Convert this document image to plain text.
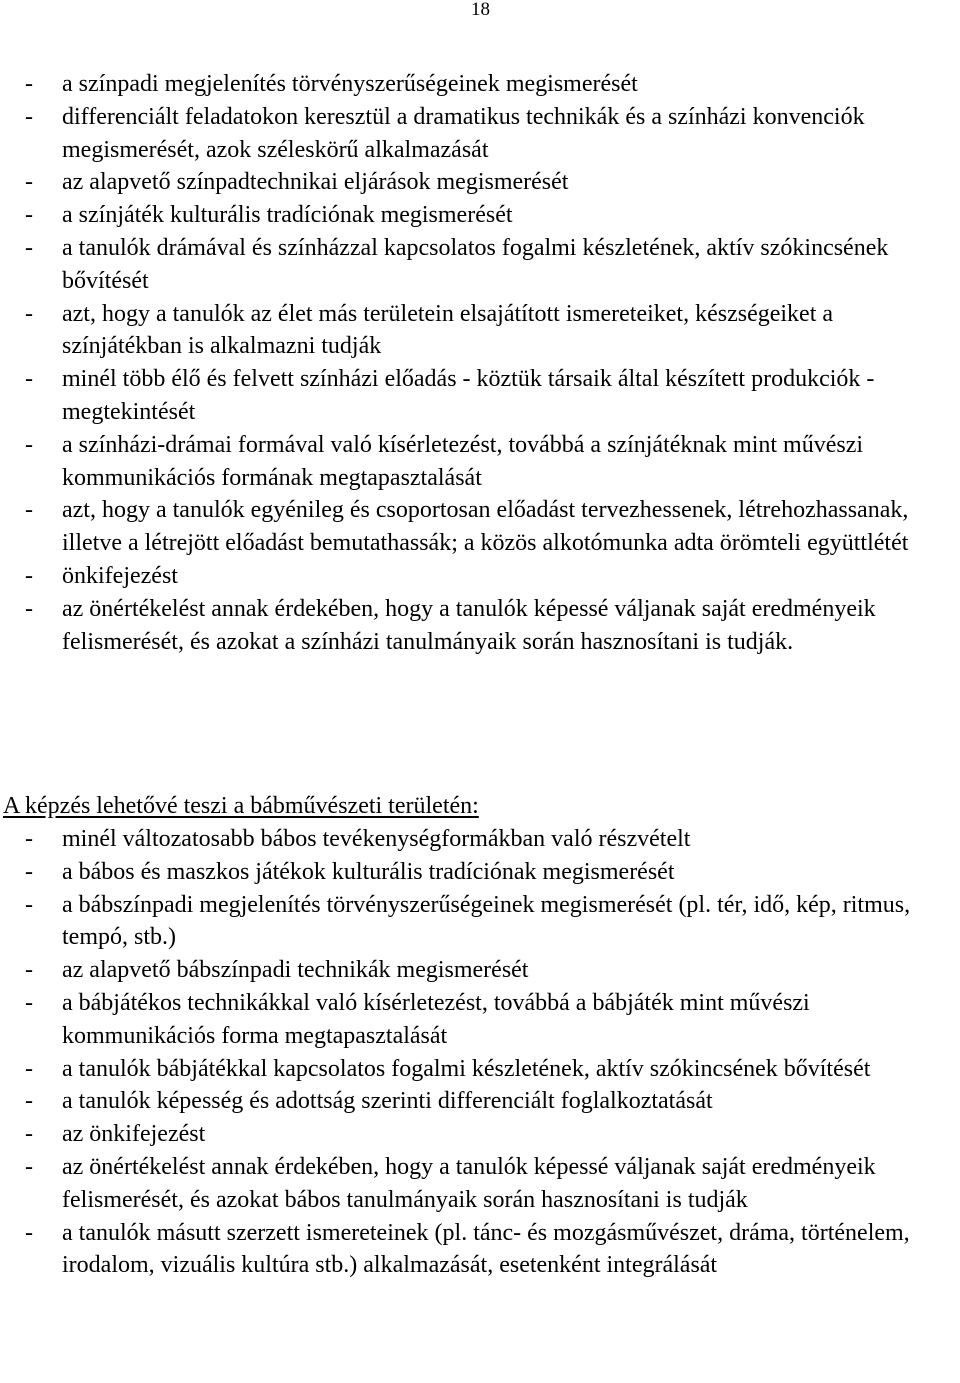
18
- a színpadi megjelenítés törvényszerűségeinek megismerését
- differenciált feladatokon keresztül a dramatikus technikák és a színházi konvenciók megismerését, azok széleskörű alkalmazását
- az alapvető színpadtechnikai eljárások megismerését
- a színjáték kulturális tradíciónak megismerését
- a tanulók drámával és színházzal kapcsolatos fogalmi készletének, aktív szókincsének bővítését
- azt, hogy a tanulók az élet más területein elsajátított ismereteiket, készségeiket a színjátékban is alkalmazni tudják
- minél több élő és felvett színházi előadás - köztük társaik által készített produkciók - megtekintését
- a színházi-drámai formával való kísérletezést, továbbá a színjátéknak mint művészi kommunikációs formának megtapasztalását
- azt, hogy a tanulók egyénileg és csoportosan előadást tervezhessenek, létrehozhassanak, illetve a létrejött előadást bemutathassák; a közös alkotómunka adta örömteli együttlétét
- önkifejezést
- az önértékelést annak érdekében, hogy a tanulók képessé váljanak saját eredményeik felismerését, és azokat a színházi tanulmányaik során hasznosítani is tudják.
A képzés lehetővé teszi a bábművészeti területén:
- minél változatosabb bábos tevékenységformákban való részvételt
- a bábos és maszkos játékok kulturális tradíciónak megismerését
- a bábszínpadi megjelenítés törvényszerűségeinek megismerését (pl. tér, idő, kép, ritmus, tempó, stb.)
- az alapvető bábszínpadi technikák megismerését
- a bábjátékos technikákkal való kísérletezést, továbbá a bábjáték mint művészi kommunikációs forma megtapasztalását
- a tanulók bábjátékkal kapcsolatos fogalmi készletének, aktív szókincsének bővítését
- a tanulók képesség és adottság szerinti differenciált foglalkoztatását
- az önkifejezést
- az önértékelést annak érdekében, hogy a tanulók képessé váljanak saját eredményeik felismerését, és azokat bábos tanulmányaik során hasznosítani is tudják
- a tanulók másutt szerzett ismereteinek (pl. tánc- és mozgásművészet, dráma, történelem, irodalom, vizuális kultúra stb.) alkalmazását, esetenként integrálását
